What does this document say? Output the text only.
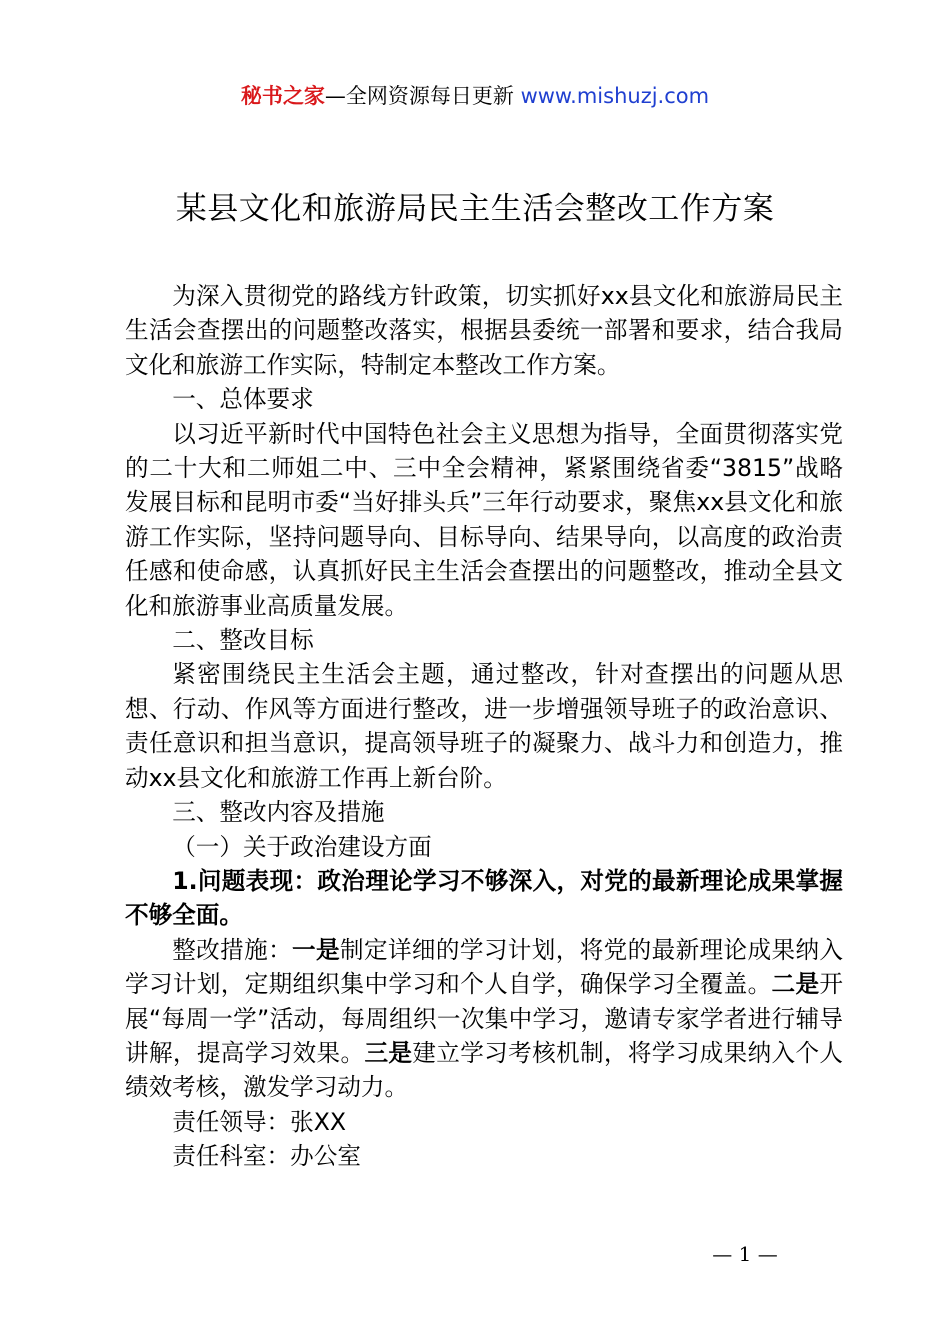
秘书之家—全网资源每日更新 www.mishuzj.com
某县文化和旅游局民主生活会整改工作方案

为深入贯彻党的路线方针政策，切实抓好xx县文化和旅游局民主生活会查摆出的问题整改落实，根据县委统一部署和要求，结合我局文化和旅游工作实际，特制定本整改工作方案。

一、总体要求

以习近平新时代中国特色社会主义思想为指导，全面贯彻落实党的二十大和二师姐二中、三中全会精神，紧紧围绕省委“3815”战略发展目标和昆明市委“当好排头兵”三年行动要求，聚焦xx县文化和旅游工作实际，坚持问题导向、目标导向、结果导向，以高度的政治责任感和使命感，认真抓好民主生活会查摆出的问题整改，推动全县文化和旅游事业高质量发展。

二、整改目标

紧密围绕民主生活会主题，通过整改，针对查摆出的问题从思想、行动、作风等方面进行整改，进一步增强领导班子的政治意识、责任意识和担当意识，提高领导班子的凝聚力、战斗力和创造力，推动xx县文化和旅游工作再上新台阶。

三、整改内容及措施

（一）关于政治建设方面

1.问题表现：政治理论学习不够深入，对党的最新理论成果掌握不够全面。

整改措施：一是制定详细的学习计划，将党的最新理论成果纳入学习计划，定期组织集中学习和个人自学，确保学习全覆盖。二是开展“每周一学”活动，每周组织一次集中学习，邀请专家学者进行辅导讲解，提高学习效果。三是建立学习考核机制，将学习成果纳入个人绩效考核，激发学习动力。

责任领导：张XX

责任科室：办公室

— 1 —
